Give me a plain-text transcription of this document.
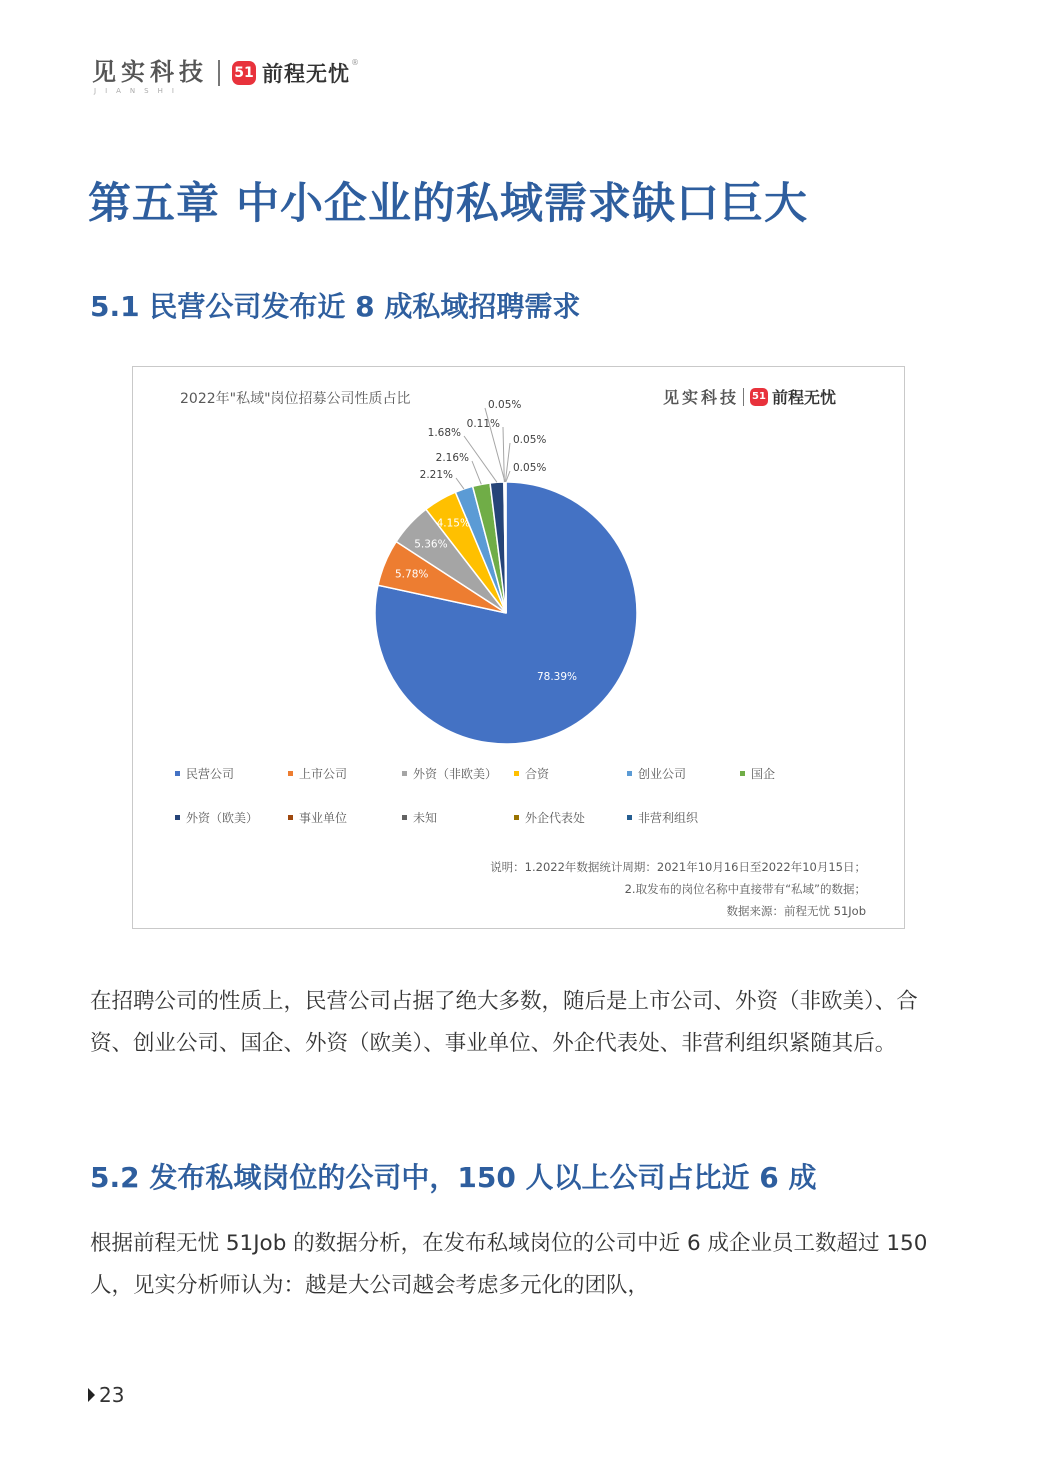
见实科技
JIANSHI
51 前程无忧 ®
第五章 中小企业的私域需求缺口巨大
5.1 民营公司发布近 8 成私域招聘需求
2022年"私域"岗位招募公司性质占比	见实科技 51 前程无忧
78.39%
5.78%
5.36%
4.15%
2.21%
2.16%
1.68%
0.11%
0.05%
0.05%
0.05%
民营公司	上市公司	外资（非欧美） 合资	创业公司	国企
外资（欧美）	事业单位	未知	外企代表处	非营利组织
说明：1.2022年数据统计周期：2021年10月16日至2022年10月15日；
2.取发布的岗位名称中直接带有“私域”的数据；
数据来源：前程无忧 51Job
在招聘公司的性质上，民营公司占据了绝大多数，随后是上市公司、外资（非欧美）、合资、创业公司、国企、外资（欧美）、事业单位、外企代表处、非营利组织紧随其后。
5.2 发布私域岗位的公司中，150 人以上公司占比近 6 成
根据前程无忧 51Job 的数据分析，在发布私域岗位的公司中近 6 成企业员工数超过 150 人，见实分析师认为：越是大公司越会考虑多元化的团队，
23
